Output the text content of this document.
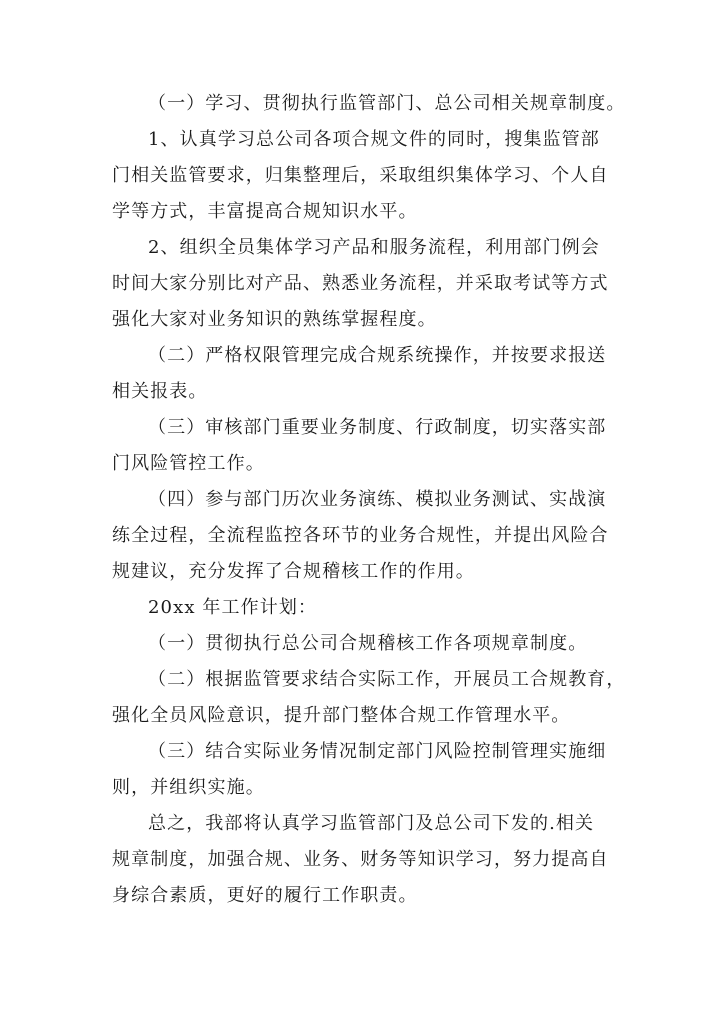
（一）学习、贯彻执行监管部门、总公司相关规章制度。

1、认真学习总公司各项合规文件的同时，搜集监管部
门相关监管要求，归集整理后，采取组织集体学习、个人自
学等方式，丰富提高合规知识水平。

2、组织全员集体学习产品和服务流程，利用部门例会
时间大家分别比对产品、熟悉业务流程，并采取考试等方式
强化大家对业务知识的熟练掌握程度。

（二）严格权限管理完成合规系统操作，并按要求报送
相关报表。

（三）审核部门重要业务制度、行政制度，切实落实部
门风险管控工作。

（四）参与部门历次业务演练、模拟业务测试、实战演
练全过程，全流程监控各环节的业务合规性，并提出风险合
规建议，充分发挥了合规稽核工作的作用。

20xx 年工作计划：

（一）贯彻执行总公司合规稽核工作各项规章制度。

（二）根据监管要求结合实际工作，开展员工合规教育，
强化全员风险意识，提升部门整体合规工作管理水平。

（三）结合实际业务情况制定部门风险控制管理实施细
则，并组织实施。

总之，我部将认真学习监管部门及总公司下发的.相关
规章制度，加强合规、业务、财务等知识学习，努力提高自
身综合素质，更好的履行工作职责。
